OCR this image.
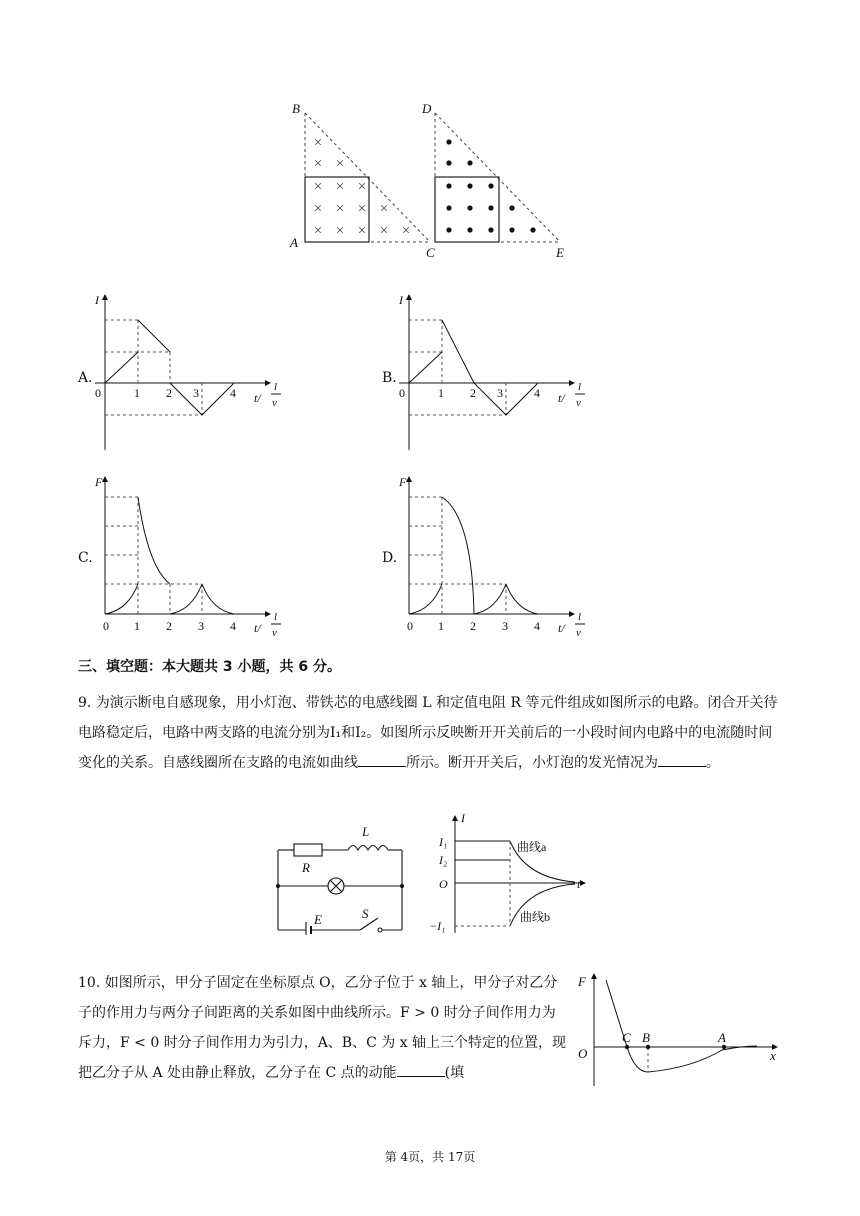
×
× ×
× × ×
× × × ×
× × × × ×
B
A
C
D
E
A.
I
0	1 2 3	4 t/
l
v
B.
I
0	1 2 3	4 t/
l
v
C.
F
0 1 2 3 4 t/
l
v
D.
F
0 1 2 3 4 t/
l
v
三、填空题：本大题共 3 小题，共 6 分。
9. 为演示断电自感现象，用小灯泡、带铁芯的电感线圈 L 和定值电阻 R 等元件组成如图所示的电路。闭合开关待电路稳定后，电路中两支路的电流分别为I₁和I₂。如图所示反映断开开关前后的一小段时间内电路中的电流随时间变化的关系。自感线圈所在支路的电流如曲线	所示。断开开关后，小灯泡的发光情况为	。
R
L
E	S
I
I₁
I₂
O	t
−I₁
曲线a
曲线b
10. 如图所示，甲分子固定在坐标原点 O，乙分子位于 x 轴上，甲分子对乙分子的作用力与两分子间距离的关系如图中曲线所示。F > 0 时分子间作用力为斥力，F < 0 时分子间作用力为引力，A、B、C 为 x 轴上三个特定的位置，现把乙分子从 A 处由静止释放，乙分子在 C 点的动能	(填
F
O
C B	A
x
第 4页，共 17页
